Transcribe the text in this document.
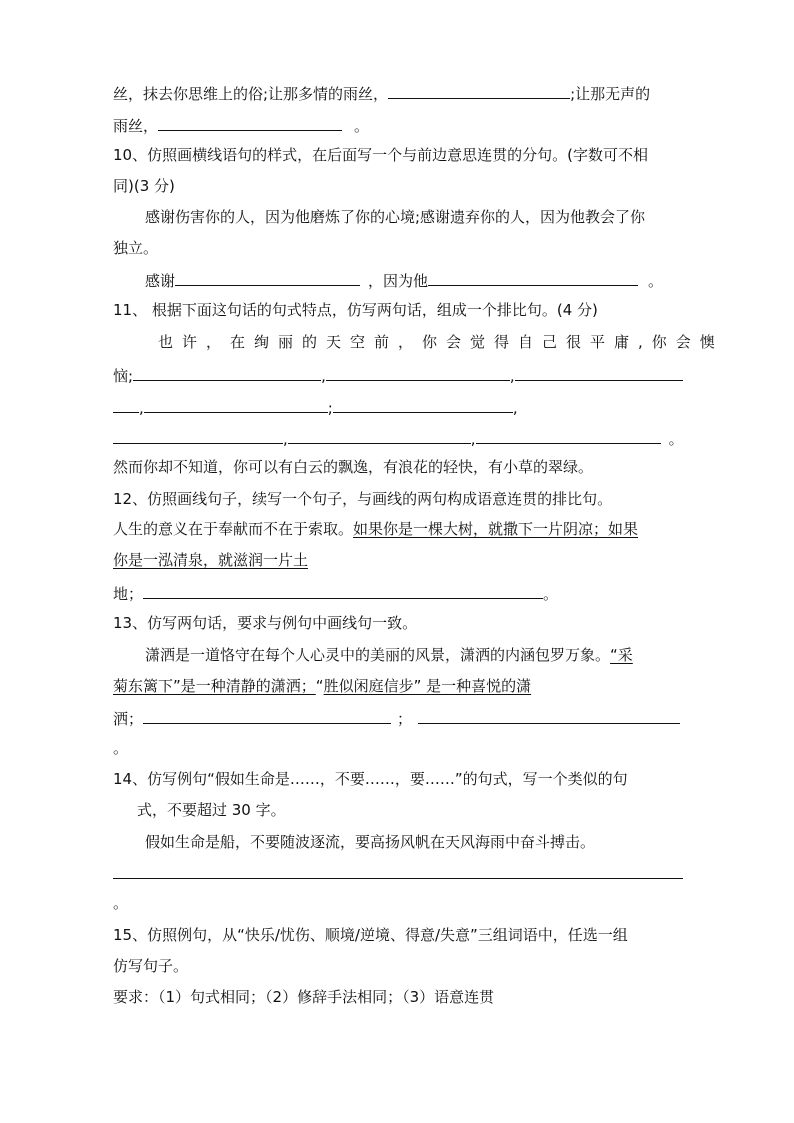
丝，抹去你思维上的俗;让那多情的雨丝，	;让那无声的
雨丝，	。
10、仿照画横线语句的样式，在后面写一个与前边意思连贯的分句。(字数可不相
同)(3 分)
感谢伤害你的人，因为他磨炼了你的心境;感谢遗弃你的人，因为他教会了你
独立。
感谢	，因为他	。
11、 根据下面这句话的句式特点，仿写两句话，组成一个排比句。(4 分)
也许，在绚丽的天空前，你会觉得自己很平庸,你会懊
恼;	,	,
,	;	,
,	,	。
然而你却不知道，你可以有白云的飘逸，有浪花的轻快，有小草的翠绿。
12、仿照画线句子，续写一个句子，与画线的两句构成语意连贯的排比句。
人生的意义在于奉献而不在于索取。如果你是一棵大树，就撒下一片阴凉；如果
你是一泓清泉，就滋润一片土
地；	。
13、仿写两句话，要求与例句中画线句一致。
潇洒是一道恪守在每个人心灵中的美丽的风景，潇洒的内涵包罗万象。“采
菊东篱下”是一种清静的潇洒；“胜似闲庭信步” 是一种喜悦的潇
洒；	；
。
14、仿写例句“假如生命是……，不要……，要……”的句式，写一个类似的句
式，不要超过 30 字。
假如生命是船，不要随波逐流，要高扬风帆在天风海雨中奋斗搏击。
。
15、仿照例句，从“快乐/忧伤、顺境/逆境、得意/失意”三组词语中，任选一组
仿写句子。
要求：（1）句式相同；（2）修辞手法相同；（3）语意连贯
